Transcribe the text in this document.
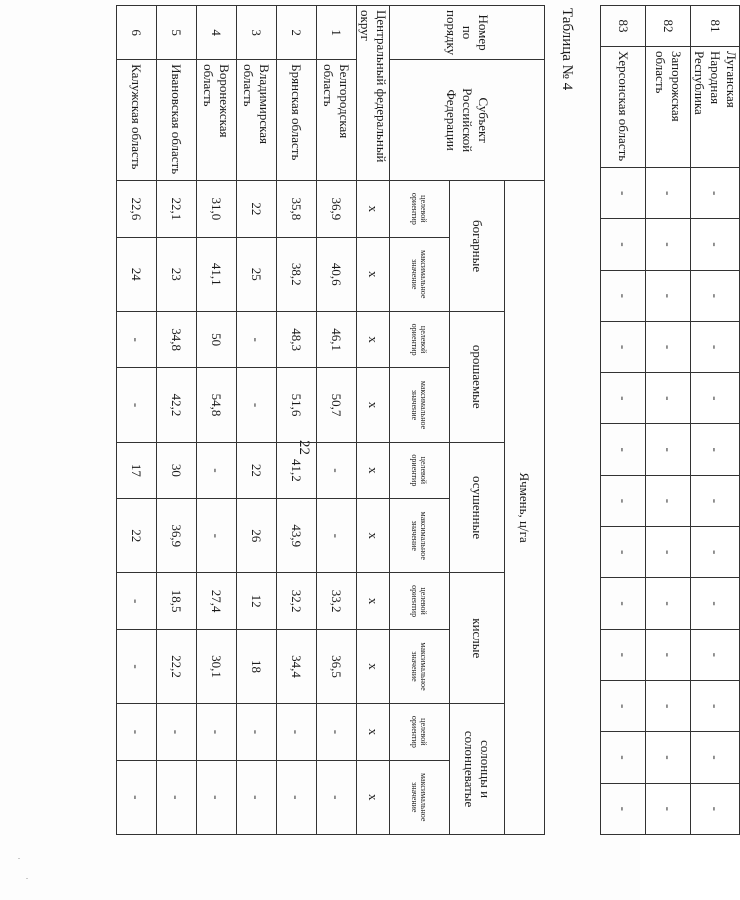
22
81	Луганская Народная Республика	-	-	-	-	-	-	-	-	-	-	-	-	-
82	Запорожская область	-	-	-	-	-	-	-	-	-	-	-	-	-
83	Херсонская область	-	-	-	-	-	-	-	-	-	-	-	-	-
Таблица № 4
Номер по порядку	Субъект Российской Федерации	Ячмень, ц/га									
		богарные		орошаемые		осушенные		кислые		солонцы и солонцеватые	
		целевой ориентир	максимальное значение	целевой ориентир	максимальное значение	целевой ориентир	максимальное значение	целевой ориентир	максимальное значение	целевой ориентир	максимальное значение
Центральный федеральный округ		х	х	х	х	х	х	х	х	х	х
1	Белгородская область	36,9	40,6	46,1	50,7	-	-	33,2	36,5	-	-
2	Брянская область	35,8	38,2	48,3	51,6	41,2	43,9	32,2	34,4	-	-
3	Владимирская область	22	25	-	-	22	26	12	18	-	-
4	Воронежская область	31,0	41,1	50	54,8	-	-	27,4	30,1	-	-
5	Ивановская область	22,1	23	34,8	42,2	30	36,9	18,5	22,2	-	-
6	Калужская область	22,6	24	-	-	17	22	-	-	-	-
.
.
